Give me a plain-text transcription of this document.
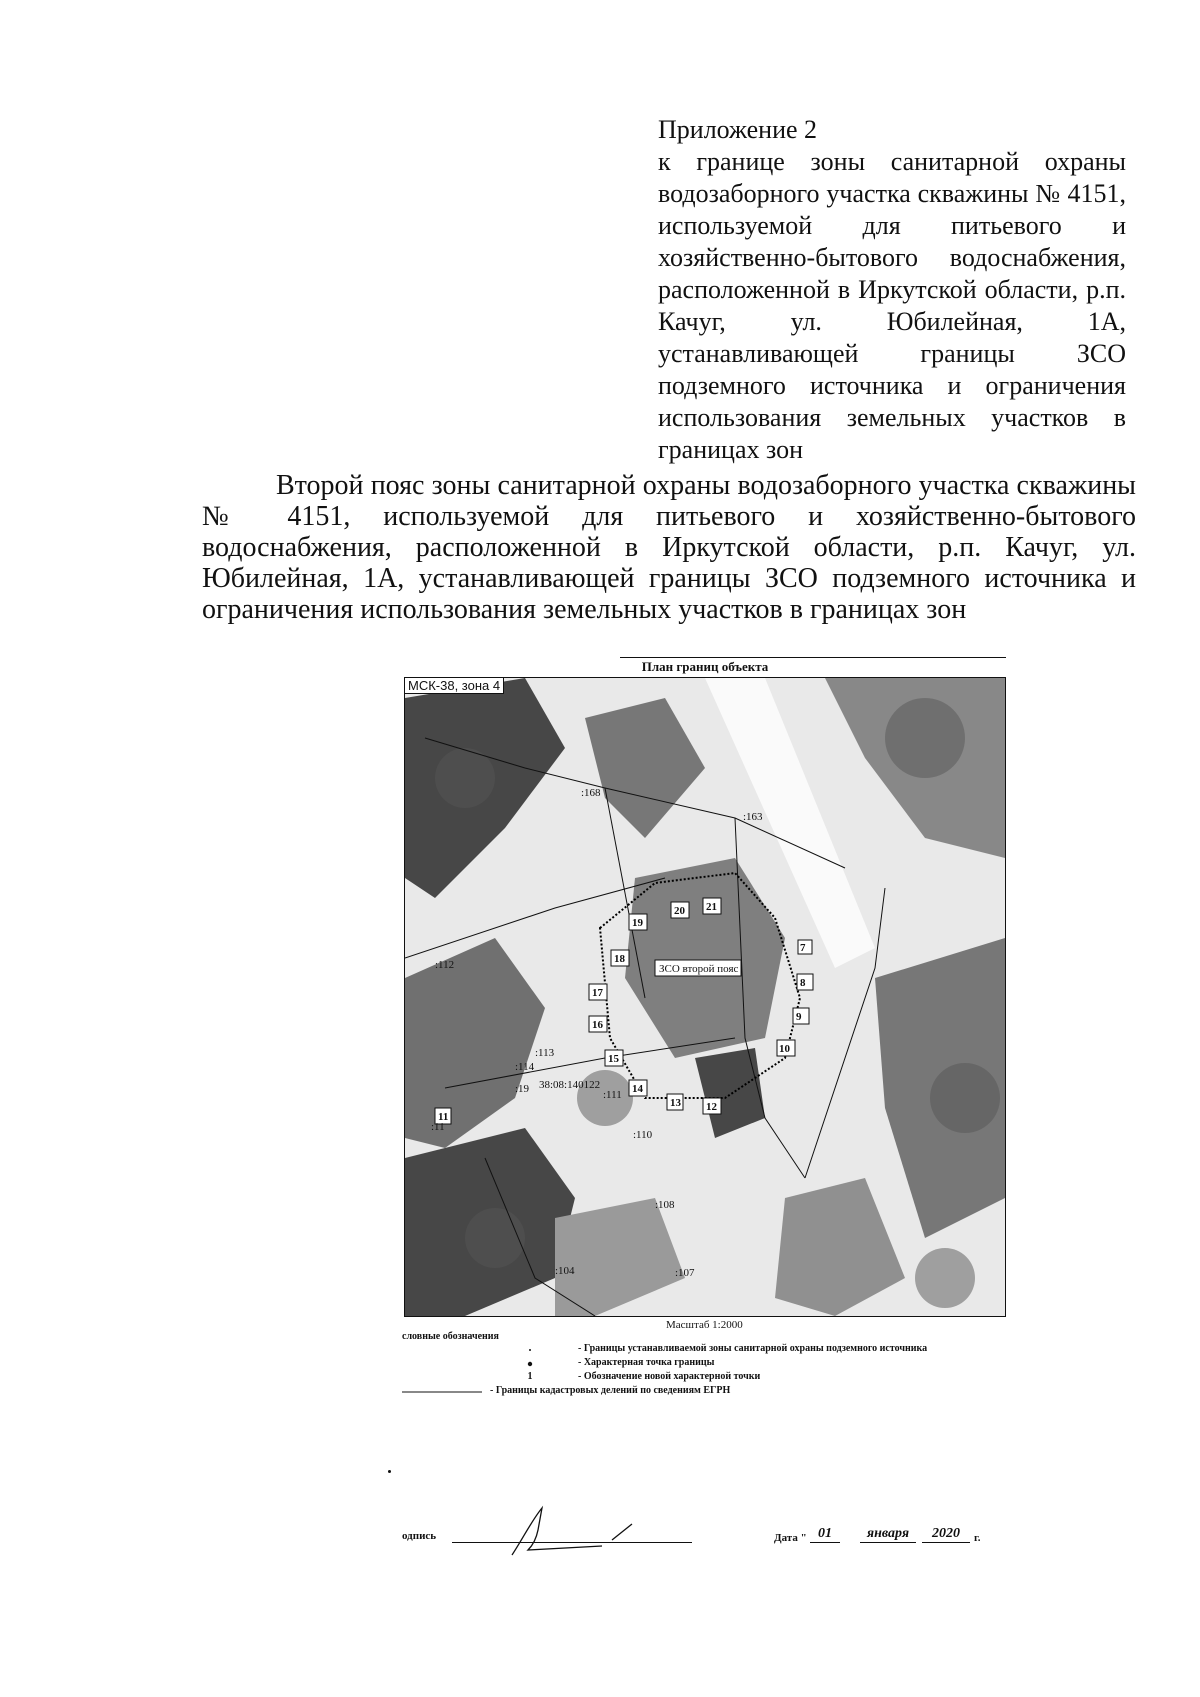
Приложение 2
к границе зоны санитарной охраны водозаборного участка скважины № 4151, используемой для питьевого и хозяйственно-бытового водоснабжения, расположенной в Иркутской области, р.п. Качуг, ул. Юбилейная, 1А, устанавливающей границы ЗСО подземного источника и ограничения использования земельных участков в границах зон
Второй пояс зоны санитарной охраны водозаборного участка скважины № 4151, используемой для питьевого и хозяйственно-бытового водоснабжения, расположенной в Иркутской области, р.п. Качуг, ул. Юбилейная, 1А, устанавливающей границы ЗСО подземного источника и ограничения использования земельных участков в границах зон
План границ объекта
7
8
9
10
11
12
13
14
15
16
17
18
19
20 21
ЗСО второй пояс
38:08:140122
:163
:168
:112
:113
:114
:111
:110
:108
:107
:104
:11
:19
МСК-38, зона 4
Масштаб 1:2000
словные обозначения
- Границы устанавливаемой зоны санитарной охраны подземного источника
- Характерная точка границы
1	- Обозначение новой характерной точки
- Границы кадастровых делений по сведениям ЕГРН
одпись	Дата " 01	января	2020	г.
